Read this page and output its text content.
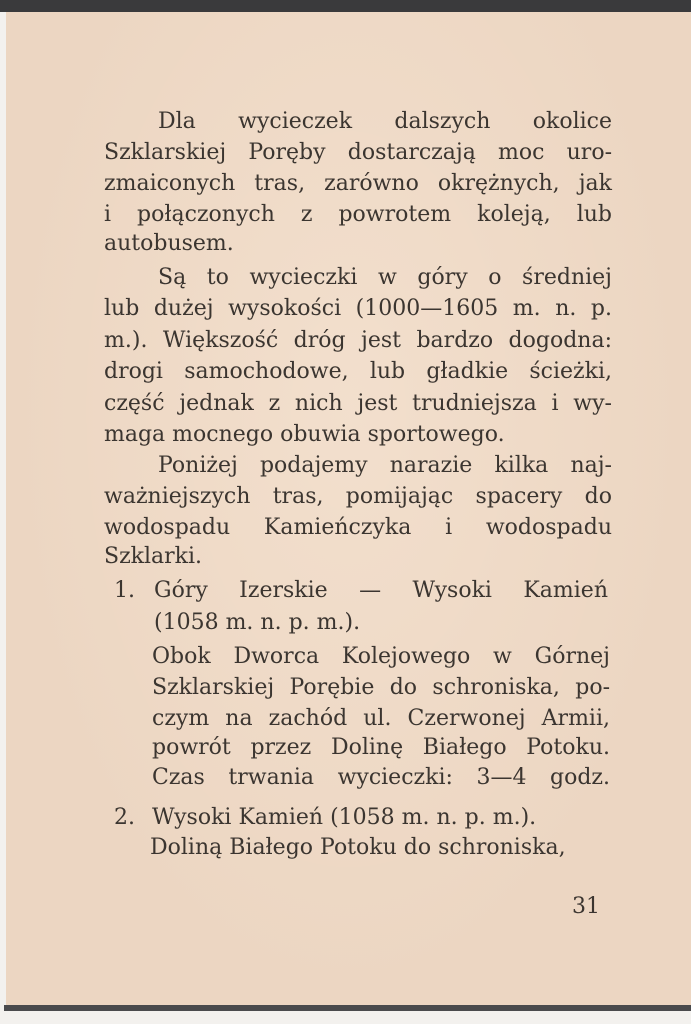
Dla wycieczek dalszych okolice
Szklarskiej Poręby dostarczają moc uro-
zmaiconych tras, zarówno okrężnych, jak
i połączonych z powrotem koleją, lub
autobusem.
Są to wycieczki w góry o średniej
lub dużej wysokości (1000—1605 m. n. p.
m.). Większość dróg jest bardzo dogodna:
drogi samochodowe, lub gładkie ścieżki,
część jednak z nich jest trudniejsza i wy-
maga mocnego obuwia sportowego.
Poniżej podajemy narazie kilka naj-
ważniejszych tras, pomijając spacery do
wodospadu Kamieńczyka i wodospadu
Szklarki.
1. Góry Izerskie — Wysoki Kamień
(1058 m. n. p. m.).
Obok Dworca Kolejowego w Górnej
Szklarskiej Porębie do schroniska, po-
czym na zachód ul. Czerwonej Armii,
powrót przez Dolinę Białego Potoku.
Czas trwania wycieczki: 3—4 godz.
2. Wysoki Kamień (1058 m. n. p. m.).
Doliną Białego Potoku do schroniska,
31
